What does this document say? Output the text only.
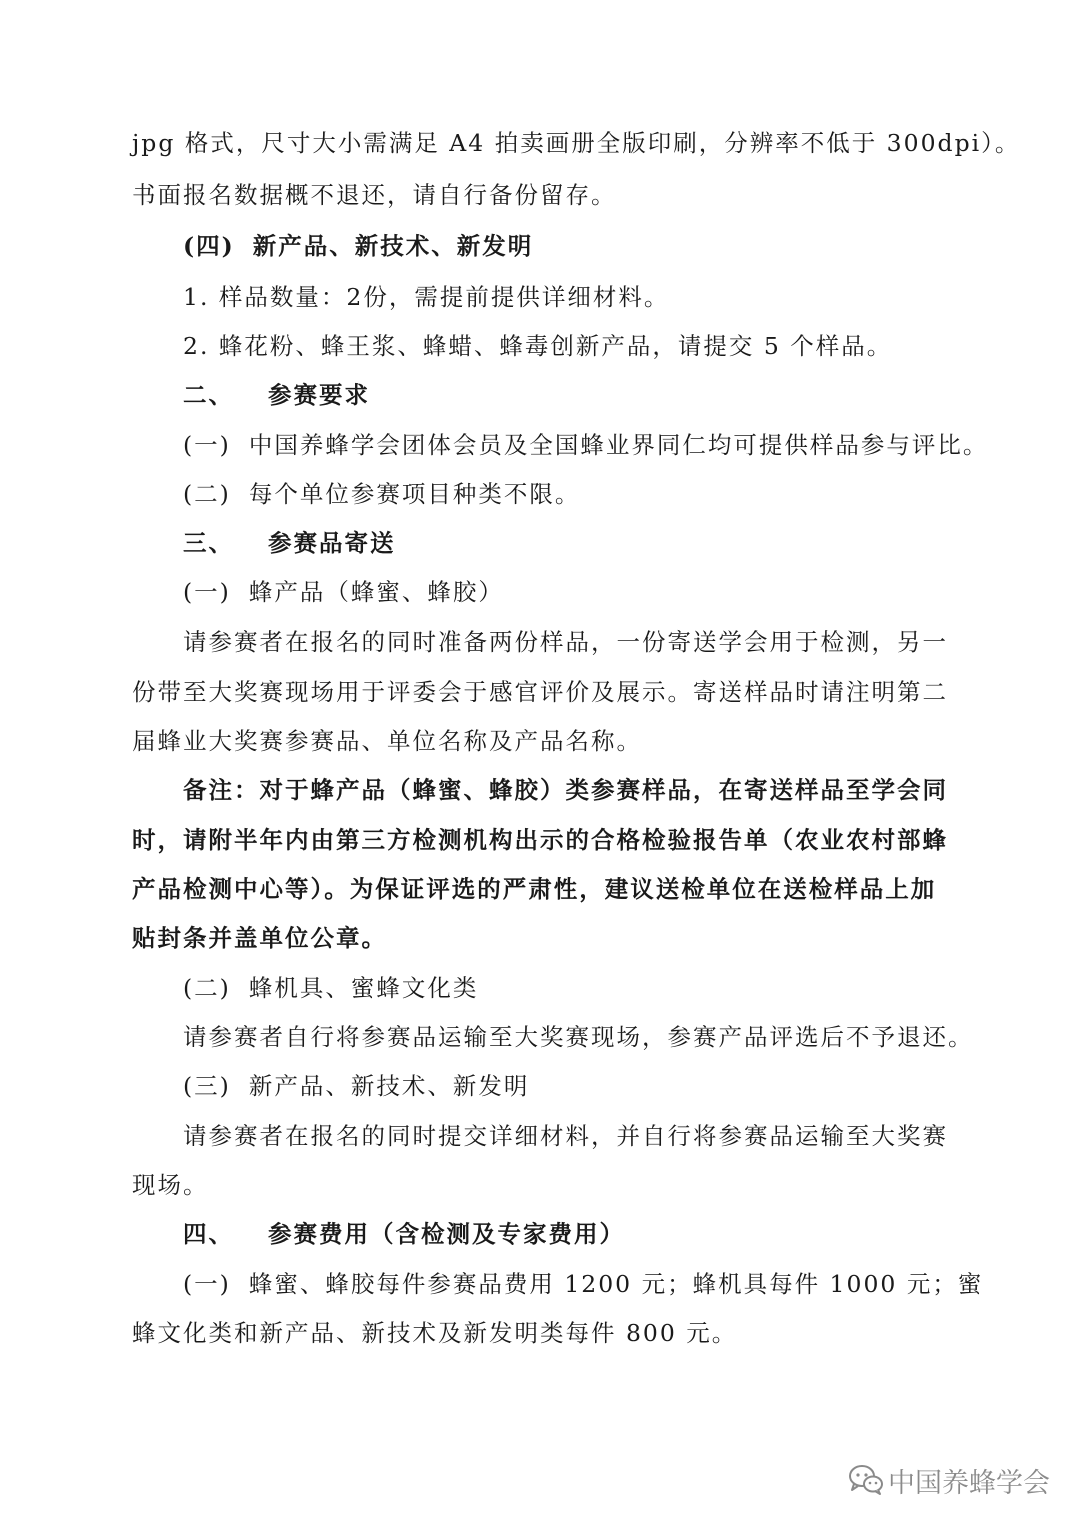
jpg 格式，尺寸大小需满足 A4 拍卖画册全版印刷，分辨率不低于 300dpi）。
书面报名数据概不退还，请自行备份留存。
(四) 新产品、新技术、新发明
1. 样品数量：2份，需提前提供详细材料。
2. 蜂花粉、蜂王浆、蜂蜡、蜂毒创新产品，请提交 5 个样品。
二、 参赛要求
(一) 中国养蜂学会团体会员及全国蜂业界同仁均可提供样品参与评比。
(二) 每个单位参赛项目种类不限。
三、 参赛品寄送
(一) 蜂产品（蜂蜜、蜂胶）
请参赛者在报名的同时准备两份样品，一份寄送学会用于检测，另一
份带至大奖赛现场用于评委会于感官评价及展示。寄送样品时请注明第二
届蜂业大奖赛参赛品、单位名称及产品名称。
备注：对于蜂产品（蜂蜜、蜂胶）类参赛样品，在寄送样品至学会同
时，请附半年内由第三方检测机构出示的合格检验报告单（农业农村部蜂
产品检测中心等）。为保证评选的严肃性，建议送检单位在送检样品上加
贴封条并盖单位公章。
(二) 蜂机具、蜜蜂文化类
请参赛者自行将参赛品运输至大奖赛现场，参赛产品评选后不予退还。
(三) 新产品、新技术、新发明
请参赛者在报名的同时提交详细材料，并自行将参赛品运输至大奖赛
现场。
四、 参赛费用（含检测及专家费用）
(一) 蜂蜜、蜂胶每件参赛品费用 1200 元；蜂机具每件 1000 元；蜜
蜂文化类和新产品、新技术及新发明类每件 800 元。
中国养蜂学会
